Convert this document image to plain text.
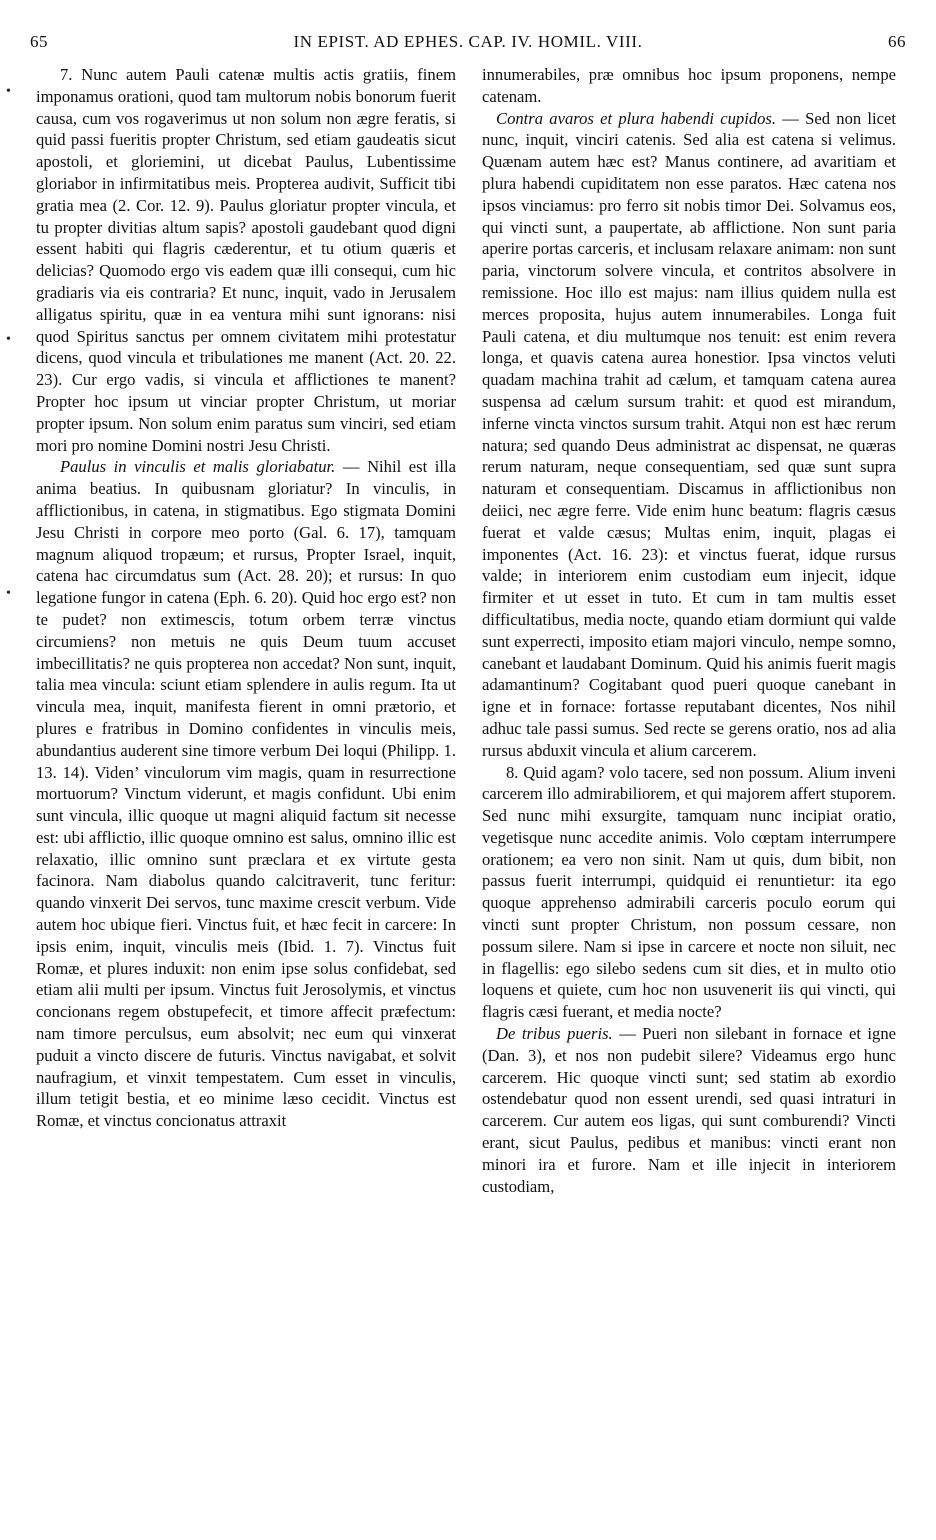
65	IN EPIST. AD EPHES. CAP. IV. HOMIL. VIII.	66
•
•
•

7. Nunc autem Pauli catenæ multis actis gratiis, finem imponamus orationi, quod tam multorum nobis bonorum fuerit causa, cum vos rogaverimus ut non solum non ægre feratis, si quid passi fueritis propter Christum, sed etiam gaudeatis sicut apostoli, et gloriemini, ut dicebat Paulus, Lubentissime gloriabor in infirmitatibus meis. Propterea audivit, Sufficit tibi gratia mea (2. Cor. 12. 9). Paulus gloriatur propter vincula, et tu propter divitias altum sapis? apostoli gaudebant quod digni essent habiti qui flagris cæderentur, et tu otium quæris et delicias? Quomodo ergo vis eadem quæ illi consequi, cum hic gradiaris via eis contraria? Et nunc, inquit, vado in Jerusalem alligatus spiritu, quæ in ea ventura mihi sunt ignorans: nisi quod Spiritus sanctus per omnem civitatem mihi protestatur dicens, quod vincula et tribulationes me manent (Act. 20. 22. 23). Cur ergo vadis, si vincula et afflictiones te manent? Propter hoc ipsum ut vinciar propter Christum, ut moriar propter ipsum. Non solum enim paratus sum vinciri, sed etiam mori pro nomine Domini nostri Jesu Christi.

Paulus in vinculis et malis gloriabatur. — Nihil est illa anima beatius. In quibusnam gloriatur? In vinculis, in afflictionibus, in catena, in stigmatibus. Ego stigmata Domini Jesu Christi in corpore meo porto (Gal. 6. 17), tamquam magnum aliquod tropæum; et rursus, Propter Israel, inquit, catena hac circumdatus sum (Act. 28. 20); et rursus: In quo legatione fungor in catena (Eph. 6. 20). Quid hoc ergo est? non te pudet? non extimescis, totum orbem terræ vinctus circumiens? non metuis ne quis Deum tuum accuset imbecillitatis? ne quis propterea non accedat? Non sunt, inquit, talia mea vincula: sciunt etiam splendere in aulis regum. Ita ut vincula mea, inquit, manifesta fierent in omni prætorio, et plures e fratribus in Domino confidentes in vinculis meis, abundantius auderent sine timore verbum Dei loqui (Philipp. 1. 13. 14). Viden’ vinculorum vim magis, quam in resurrectione mortuorum? Vinctum viderunt, et magis confidunt. Ubi enim sunt vincula, illic quoque ut magni aliquid factum sit necesse est: ubi afflictio, illic quoque omnino est salus, omnino illic est relaxatio, illic omnino sunt præclara et ex virtute gesta facinora. Nam diabolus quando calcitraverit, tunc feritur: quando vinxerit Dei servos, tunc maxime crescit verbum. Vide autem hoc ubique fieri. Vinctus fuit, et hæc fecit in carcere: In ipsis enim, inquit, vinculis meis (Ibid. 1. 7). Vinctus fuit Romæ, et plures induxit: non enim ipse solus confidebat, sed etiam alii multi per ipsum. Vinctus fuit Jerosolymis, et vinctus concionans regem obstupefecit, et timore affecit præfectum: nam timore perculsus, eum absolvit; nec eum qui vinxerat puduit a vincto discere de futuris. Vinctus navigabat, et solvit naufragium, et vinxit tempestatem. Cum esset in vinculis, illum tetigit bestia, et eo minime læso cecidit. Vinctus est Romæ, et vinctus concionatus attraxit

innumerabiles, præ omnibus hoc ipsum proponens, nempe catenam.

Contra avaros et plura habendi cupidos. — Sed non licet nunc, inquit, vinciri catenis. Sed alia est catena si velimus. Quænam autem hæc est? Manus continere, ad avaritiam et plura habendi cupiditatem non esse paratos. Hæc catena nos ipsos vinciamus: pro ferro sit nobis timor Dei. Solvamus eos, qui vincti sunt, a paupertate, ab afflictione. Non sunt paria aperire portas carceris, et inclusam relaxare animam: non sunt paria, vinctorum solvere vincula, et contritos absolvere in remissione. Hoc illo est majus: nam illius quidem nulla est merces proposita, hujus autem innumerabiles. Longa fuit Pauli catena, et diu multumque nos tenuit: est enim revera longa, et quavis catena aurea honestior. Ipsa vinctos veluti quadam machina trahit ad cælum, et tamquam catena aurea suspensa ad cælum sursum trahit: et quod est mirandum, inferne vincta vinctos sursum trahit. Atqui non est hæc rerum natura; sed quando Deus administrat ac dispensat, ne quæras rerum naturam, neque consequentiam, sed quæ sunt supra naturam et consequentiam. Discamus in afflictionibus non deiici, nec ægre ferre. Vide enim hunc beatum: flagris cæsus fuerat et valde cæsus; Multas enim, inquit, plagas ei imponentes (Act. 16. 23): et vinctus fuerat, idque rursus valde; in interiorem enim custodiam eum injecit, idque firmiter et ut esset in tuto. Et cum in tam multis esset difficultatibus, media nocte, quando etiam dormiunt qui valde sunt experrecti, imposito etiam majori vinculo, nempe somno, canebant et laudabant Dominum. Quid his animis fuerit magis adamantinum? Cogitabant quod pueri quoque canebant in igne et in fornace: fortasse reputabant dicentes, Nos nihil adhuc tale passi sumus. Sed recte se gerens oratio, nos ad alia rursus abduxit vincula et alium carcerem.

8. Quid agam? volo tacere, sed non possum. Alium inveni carcerem illo admirabiliorem, et qui majorem affert stuporem. Sed nunc mihi exsurgite, tamquam nunc incipiat oratio, vegetisque nunc accedite animis. Volo cœptam interrumpere orationem; ea vero non sinit. Nam ut quis, dum bibit, non passus fuerit interrumpi, quidquid ei renuntietur: ita ego quoque apprehenso admirabili carceris poculo eorum qui vincti sunt propter Christum, non possum cessare, non possum silere. Nam si ipse in carcere et nocte non siluit, nec in flagellis: ego silebo sedens cum sit dies, et in multo otio loquens et quiete, cum hoc non usuvenerit iis qui vincti, qui flagris cæsi fuerant, et media nocte?

De tribus pueris. — Pueri non silebant in fornace et igne (Dan. 3), et nos non pudebit silere? Videamus ergo hunc carcerem. Hic quoque vincti sunt; sed statim ab exordio ostendebatur quod non essent urendi, sed quasi intraturi in carcerem. Cur autem eos ligas, qui sunt comburendi? Vincti erant, sicut Paulus, pedibus et manibus: vincti erant non minori ira et furore. Nam et ille injecit in interiorem custodiam,
